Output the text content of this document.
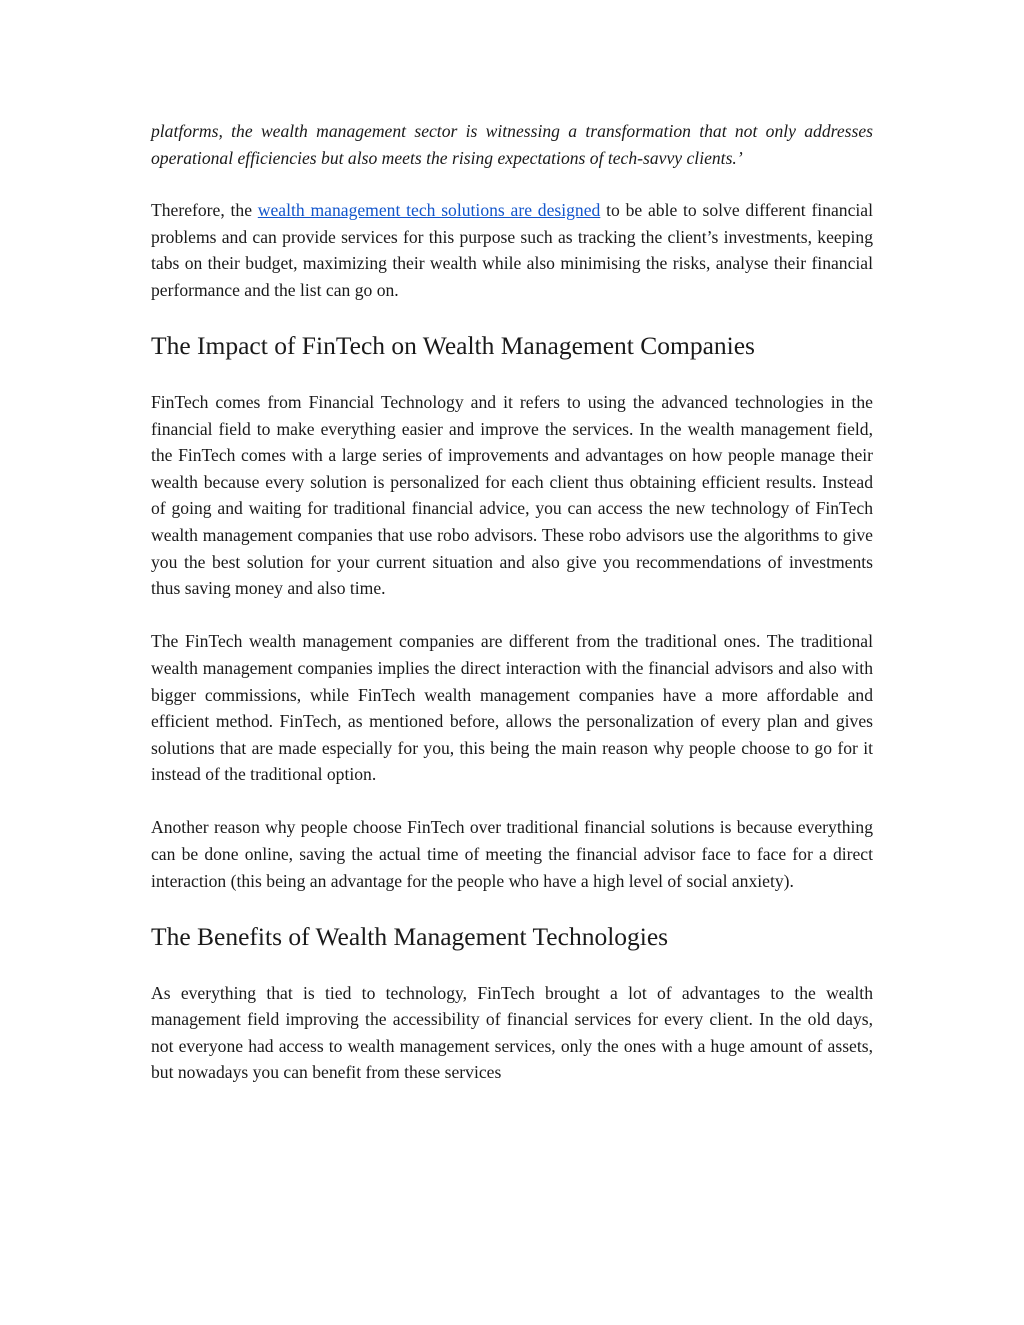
platforms, the wealth management sector is witnessing a transformation that not only addresses operational efficiencies but also meets the rising expectations of tech-savvy clients.’

Therefore, the wealth management tech solutions are designed to be able to solve different financial problems and can provide services for this purpose such as tracking the client’s investments, keeping tabs on their budget, maximizing their wealth while also minimising the risks, analyse their financial performance and the list can go on.

The Impact of FinTech on Wealth Management Companies

FinTech comes from Financial Technology and it refers to using the advanced technologies in the financial field to make everything easier and improve the services. In the wealth management field, the FinTech comes with a large series of improvements and advantages on how people manage their wealth because every solution is personalized for each client thus obtaining efficient results. Instead of going and waiting for traditional financial advice, you can access the new technology of FinTech wealth management companies that use robo advisors. These robo advisors use the algorithms to give you the best solution for your current situation and also give you recommendations of investments thus saving money and also time.

The FinTech wealth management companies are different from the traditional ones. The traditional wealth management companies implies the direct interaction with the financial advisors and also with bigger commissions, while FinTech wealth management companies have a more affordable and efficient method. FinTech, as mentioned before, allows the personalization of every plan and gives solutions that are made especially for you, this being the main reason why people choose to go for it instead of the traditional option.

Another reason why people choose FinTech over traditional financial solutions is because everything can be done online, saving the actual time of meeting the financial advisor face to face for a direct interaction (this being an advantage for the people who have a high level of social anxiety).

The Benefits of Wealth Management Technologies

As everything that is tied to technology, FinTech brought a lot of advantages to the wealth management field improving the accessibility of financial services for every client. In the old days, not everyone had access to wealth management services, only the ones with a huge amount of assets, but nowadays you can benefit from these services
